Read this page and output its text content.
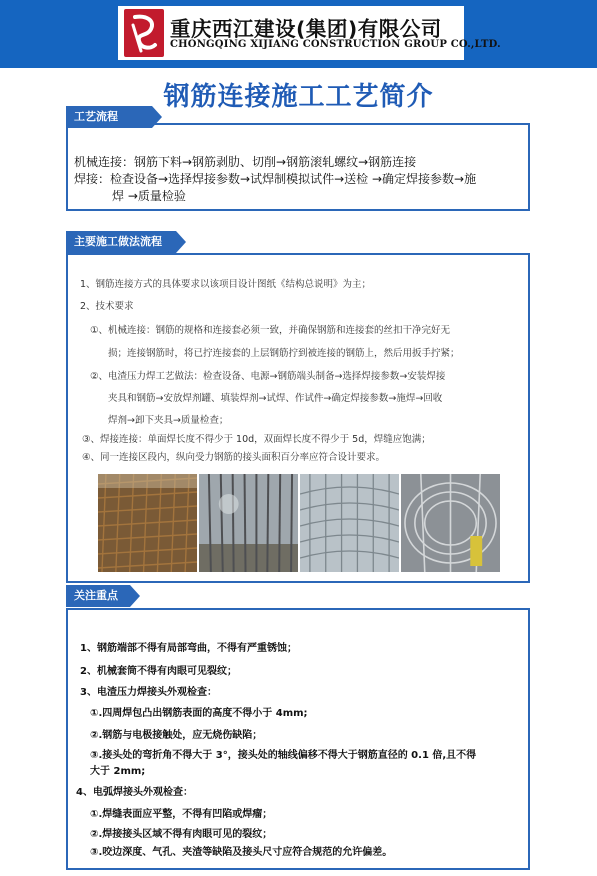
重庆西江建设(集团)有限公司
CHONGQING XIJIANG CONSTRUCTION GROUP CO.,LTD.
钢筋连接施工工艺简介
工艺流程
机械连接：钢筋下料→钢筋剥肋、切削→钢筋滚轧螺纹→钢筋连接
焊接：检查设备→选择焊接参数→试焊制模拟试件→送检 →确定焊接参数→施
焊 →质量检验
主要施工做法流程
1、钢筋连接方式的具体要求以该项目设计图纸《结构总说明》为主；
2、技术要求
①、机械连接：钢筋的规格和连接套必须一致，并确保钢筋和连接套的丝扣干净完好无
损；连接钢筋时，将已拧连接套的上层钢筋拧到被连接的钢筋上，然后用扳手拧紧；
②、电渣压力焊工艺做法：检查设备、电源→钢筋端头制备→选择焊接参数→安装焊接
夹具和钢筋→安放焊剂罐、填装焊剂→试焊、作试件→确定焊接参数→施焊→回收
焊剂→卸下夹具→质量检查；
③、焊接连接：单面焊长度不得少于 10d，双面焊长度不得少于 5d，焊缝应饱满；
④、同一连接区段内，纵向受力钢筋的接头面积百分率应符合设计要求。
关注重点
1、钢筋端部不得有局部弯曲，不得有严重锈蚀；
2、机械套筒不得有肉眼可见裂纹；
3、电渣压力焊接头外观检查：
①.四周焊包凸出钢筋表面的高度不得小于 4mm;
②.钢筋与电极接触处，应无烧伤缺陷；
③.接头处的弯折角不得大于 3°，接头处的轴线偏移不得大于钢筋直径的 0.1 倍,且不得
大于 2mm;
4、电弧焊接头外观检查：
①.焊缝表面应平整，不得有凹陷或焊瘤；
②.焊接接头区域不得有肉眼可见的裂纹；
③.咬边深度、气孔、夹渣等缺陷及接头尺寸应符合规范的允许偏差。
